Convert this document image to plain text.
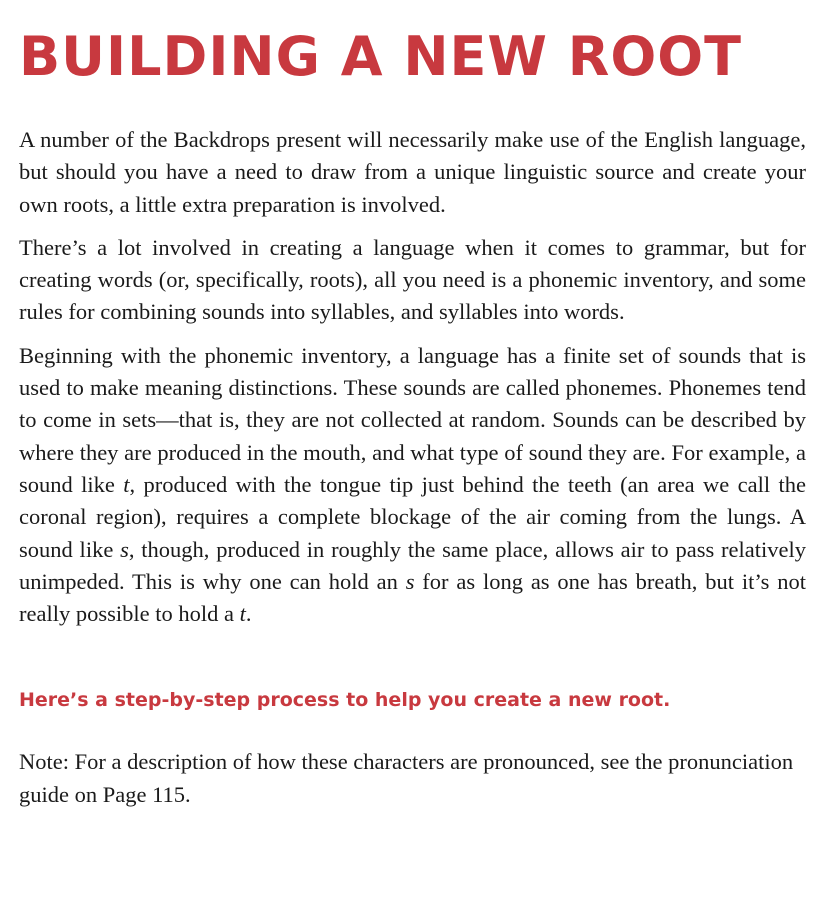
BUILDING A NEW ROOT

A number of the Backdrops present will necessarily make use of the English language, but should you have a need to draw from a unique linguistic source and create your own roots, a little extra preparation is involved.

There’s a lot involved in creating a language when it comes to grammar, but for creating words (or, specifically, roots), all you need is a phonemic inventory, and some rules for combining sounds into syllables, and syllables into words.

Beginning with the phonemic inventory, a language has a finite set of sounds that is used to make meaning distinctions. These sounds are called phonemes. Phonemes tend to come in sets—that is, they are not collected at random. Sounds can be described by where they are produced in the mouth, and what type of sound they are. For example, a sound like t, produced with the tongue tip just behind the teeth (an area we call the coronal region), requires a complete blockage of the air coming from the lungs. A sound like s, though, produced in roughly the same place, allows air to pass relatively unimpeded. This is why one can hold an s for as long as one has breath, but it’s not really possible to hold a t.

Here’s a step-by-step process to help you create a new root.

Note: For a description of how these characters are pronounced, see the pronunciation guide on Page 115.
